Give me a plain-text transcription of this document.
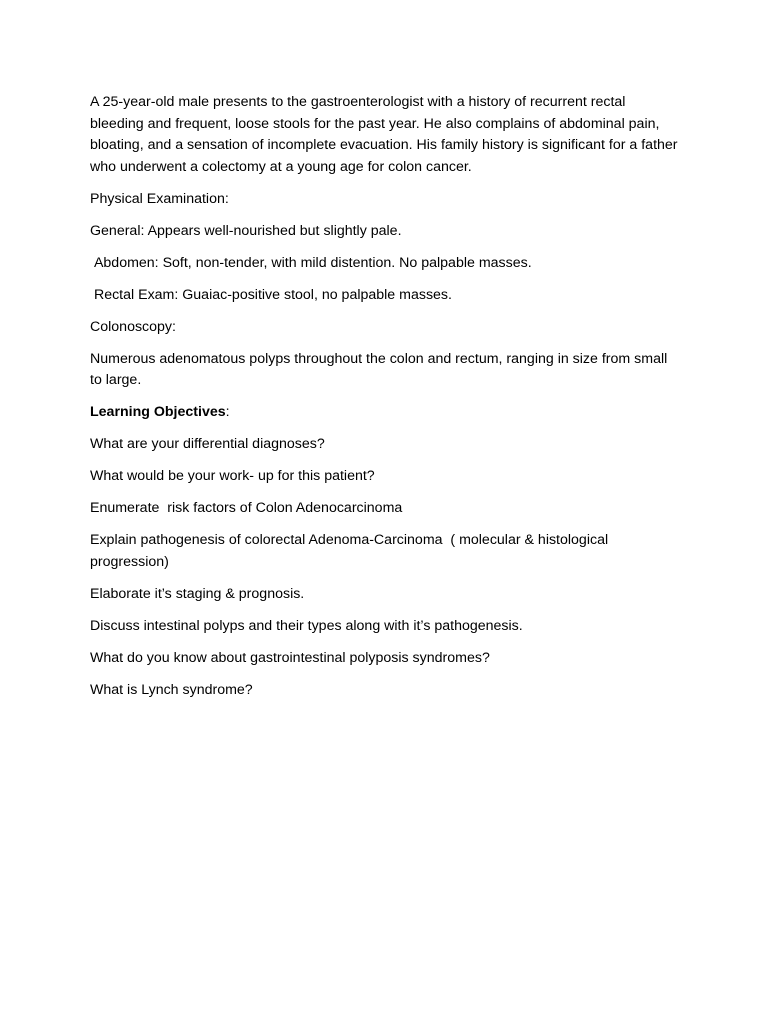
A 25-year-old male presents to the gastroenterologist with a history of recurrent rectal bleeding and frequent, loose stools for the past year. He also complains of abdominal pain, bloating, and a sensation of incomplete evacuation. His family history is significant for a father who underwent a colectomy at a young age for colon cancer.

Physical Examination:

General: Appears well-nourished but slightly pale.

Abdomen: Soft, non-tender, with mild distention. No palpable masses.

Rectal Exam: Guaiac-positive stool, no palpable masses.

Colonoscopy:

Numerous adenomatous polyps throughout the colon and rectum, ranging in size from small to large.

Learning Objectives:

What are your differential diagnoses?

What would be your work- up for this patient?

Enumerate  risk factors of Colon Adenocarcinoma

Explain pathogenesis of colorectal Adenoma-Carcinoma  ( molecular & histological progression)

Elaborate it’s staging & prognosis.

Discuss intestinal polyps and their types along with it’s pathogenesis.

What do you know about gastrointestinal polyposis syndromes?

What is Lynch syndrome?
